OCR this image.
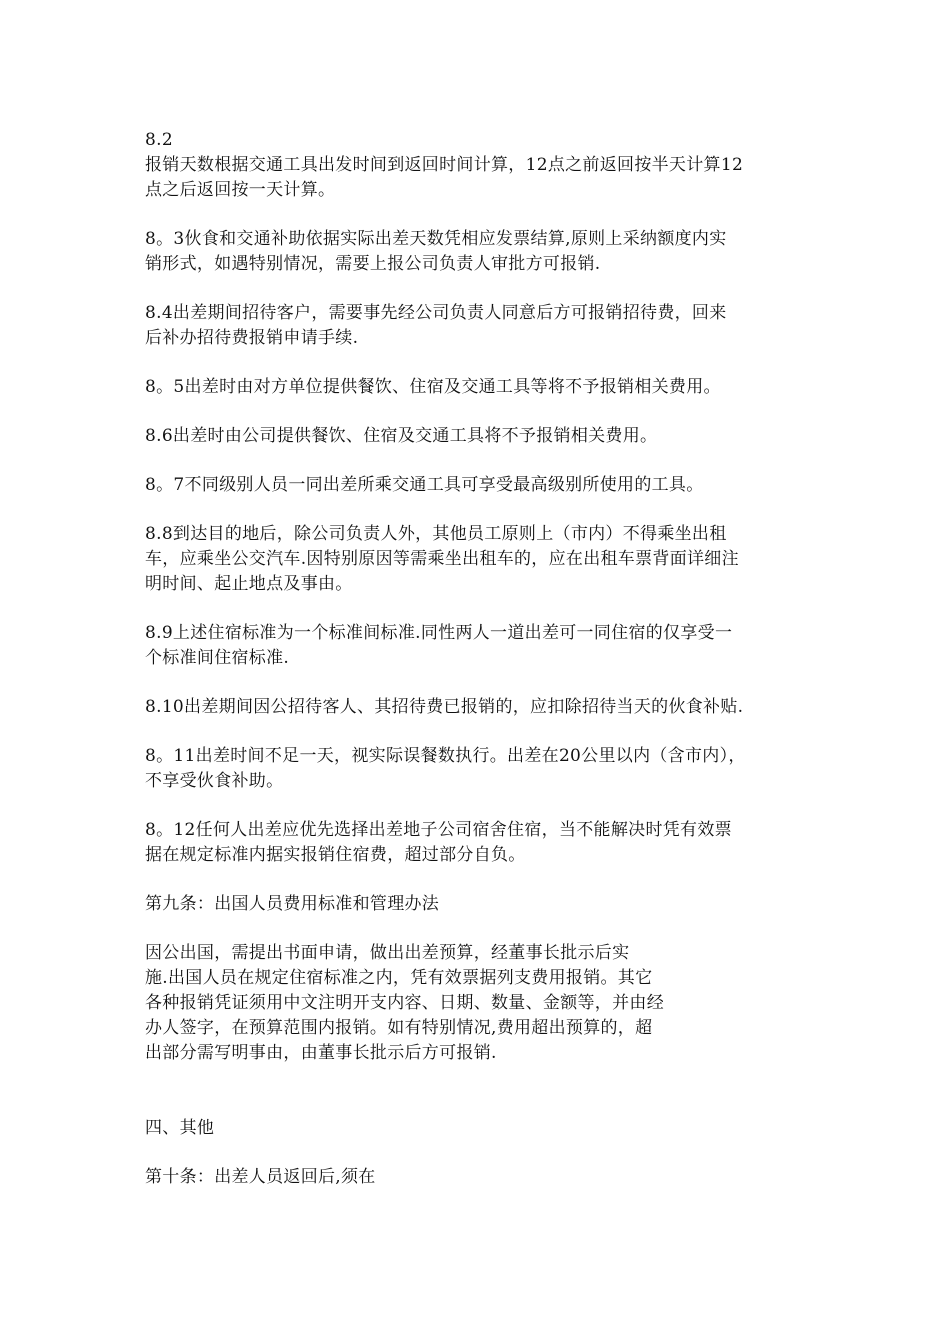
8.2
报销天数根据交通工具出发时间到返回时间计算，12点之前返回按半天计算12
点之后返回按一天计算。
8。3伙食和交通补助依据实际出差天数凭相应发票结算,原则上采纳额度内实
销形式，如遇特别情况，需要上报公司负责人审批方可报销.
8.4出差期间招待客户，需要事先经公司负责人同意后方可报销招待费，回来
后补办招待费报销申请手续.
8。5出差时由对方单位提供餐饮、住宿及交通工具等将不予报销相关费用。
8.6出差时由公司提供餐饮、住宿及交通工具将不予报销相关费用。
8。7不同级别人员一同出差所乘交通工具可享受最高级别所使用的工具。
8.8到达目的地后，除公司负责人外，其他员工原则上（市内）不得乘坐出租
车，应乘坐公交汽车.因特别原因等需乘坐出租车的，应在出租车票背面详细注
明时间、起止地点及事由。
8.9上述住宿标准为一个标准间标准.同性两人一道出差可一同住宿的仅享受一
个标准间住宿标准.
8.10出差期间因公招待客人、其招待费已报销的，应扣除招待当天的伙食补贴.
8。11出差时间不足一天，视实际误餐数执行。出差在20公里以内（含市内），
不享受伙食补助。
8。12任何人出差应优先选择出差地子公司宿舍住宿，当不能解决时凭有效票
据在规定标准内据实报销住宿费，超过部分自负。
第九条：出国人员费用标准和管理办法
因公出国，需提出书面申请，做出出差预算，经董事长批示后实
施.出国人员在规定住宿标准之内，凭有效票据列支费用报销。其它
各种报销凭证须用中文注明开支内容、日期、数量、金额等，并由经
办人签字，在预算范围内报销。如有特别情况,费用超出预算的，超
出部分需写明事由，由董事长批示后方可报销.
四、其他
第十条：出差人员返回后,须在
